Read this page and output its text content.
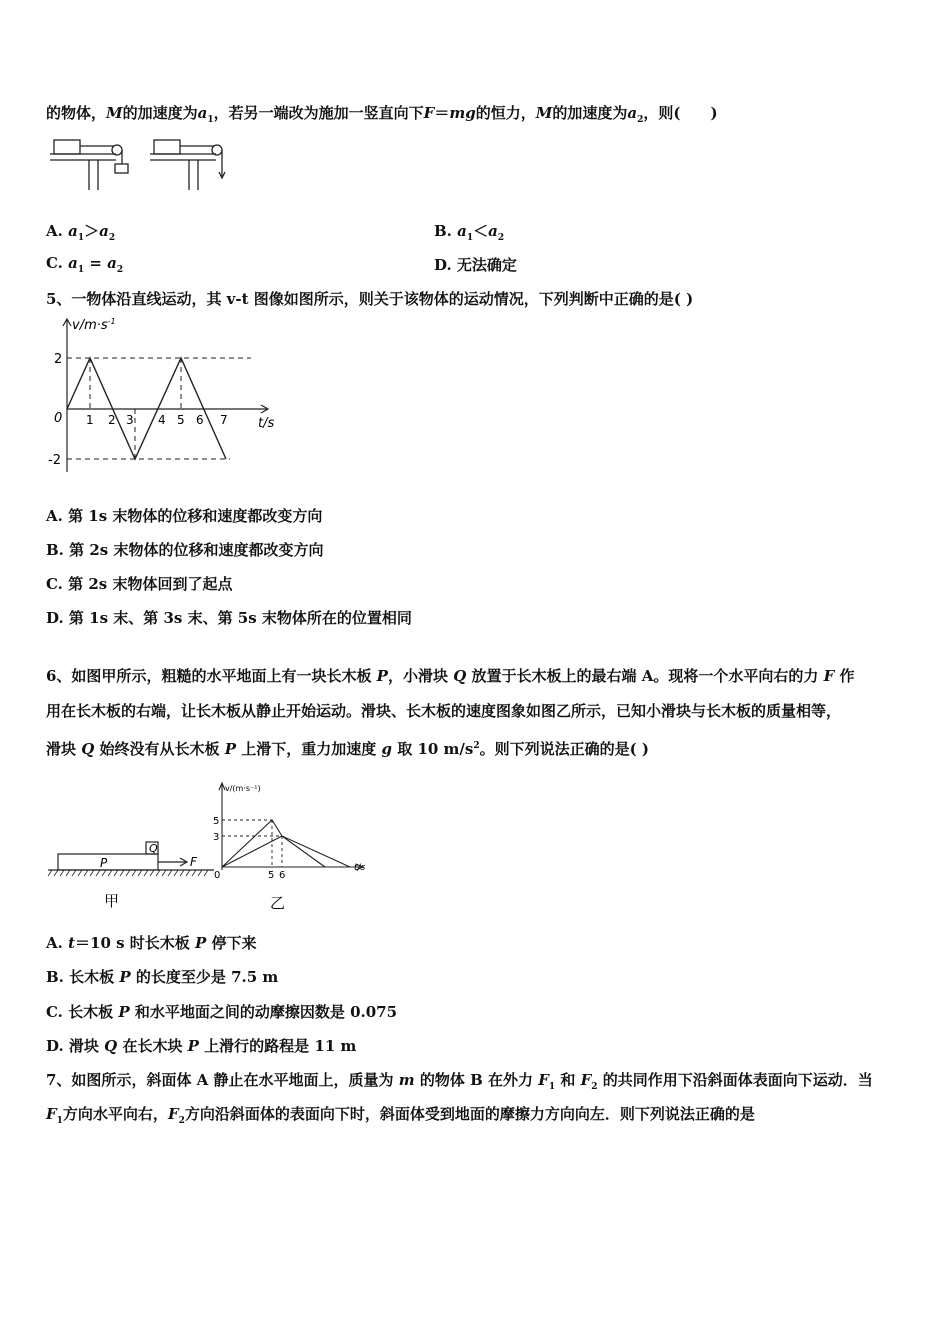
的物体，M的加速度为$a_1$，若另一端改为施加一竖直向下F＝mg的恒力，M的加速度为$a_2$，则(　　)
A. $a_1>a_2$	B. $a_1<a_2$
C. $a_1 = a_2$	D. 无法确定
5、一物体沿直线运动，其 v-t 图像如图所示，则关于该物体的运动情况，下列判断中正确的是( )
$v/m\cdot s^{-1}$
t/s
0
2
-2
1 2 3 4 5 6 7
A. 第 1s 末物体的位移和速度都改变方向
B. 第 2s 末物体的位移和速度都改变方向
C. 第 2s 末物体回到了起点
D. 第 1s 末、第 3s 末、第 5s 末物体所在的位置相同
6、如图甲所示，粗糙的水平地面上有一块长木板 P，小滑块 Q 放置于长木板上的最右端 A。现将一个水平向右的力 F 作
用在长木板的右端，让长木板从静止开始运动。滑块、长木板的速度图象如图乙所示，已知小滑块与长木板的质量相等，
滑块 Q 始终没有从长木板 P 上滑下，重力加速度 g 取 10 $m/s^2$。则下列说法正确的是( )
P
Q
F
甲
v/(m·s⁻¹)
t/s
5
3
0	5 6
乙
A. t＝10 s 时长木板 P 停下来
B. 长木板 P 的长度至少是 7.5 m
C. 长木板 P 和水平地面之间的动摩擦因数是 0.075
D. 滑块 Q 在长木块 P 上滑行的路程是 11 m
7、如图所示，斜面体 A 静止在水平地面上，质量为 m 的物体 B 在外力 $F_1$ 和 $F_2$ 的共同作用下沿斜面体表面向下运动．当
$F_1$方向水平向右，$F_2$方向沿斜面体的表面向下时，斜面体受到地面的摩擦力方向向左．则下列说法正确的是
